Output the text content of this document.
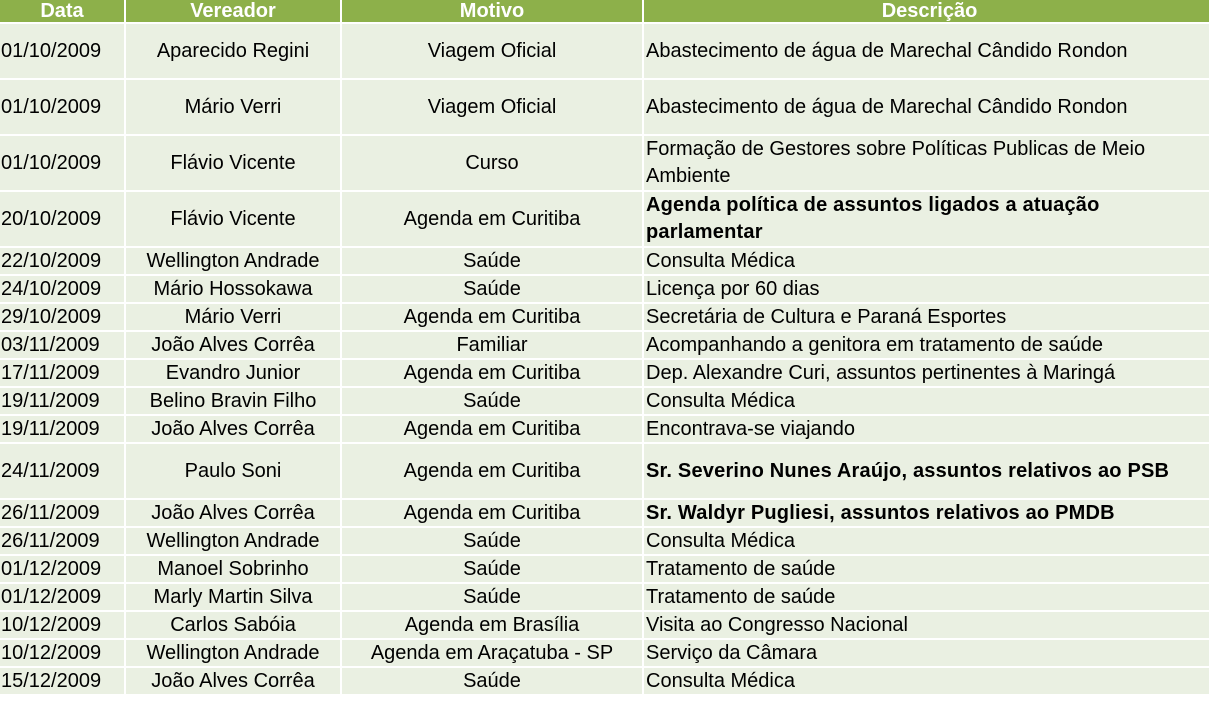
Data	Vereador	Motivo	Descrição
01/10/2009	Aparecido Regini	Viagem Oficial	Abastecimento de água de Marechal Cândido Rondon
01/10/2009	Mário Verri	Viagem Oficial	Abastecimento de água de Marechal Cândido Rondon
01/10/2009	Flávio Vicente	Curso	Formação de Gestores sobre Políticas Publicas de Meio Ambiente
20/10/2009	Flávio Vicente	Agenda em Curitiba	Agenda política de assuntos ligados a atuação parlamentar
22/10/2009	Wellington Andrade	Saúde	Consulta Médica
24/10/2009	Mário Hossokawa	Saúde	Licença por 60 dias
29/10/2009	Mário Verri	Agenda em Curitiba	Secretária de Cultura e Paraná Esportes
03/11/2009	João Alves Corrêa	Familiar	Acompanhando a genitora em tratamento de saúde
17/11/2009	Evandro Junior	Agenda em Curitiba	Dep. Alexandre Curi, assuntos pertinentes à Maringá
19/11/2009	Belino Bravin Filho	Saúde	Consulta Médica
19/11/2009	João Alves Corrêa	Agenda em Curitiba	Encontrava-se viajando
24/11/2009	Paulo Soni	Agenda em Curitiba	Sr. Severino Nunes Araújo, assuntos relativos ao PSB
26/11/2009	João Alves Corrêa	Agenda em Curitiba	Sr. Waldyr Pugliesi, assuntos relativos ao PMDB
26/11/2009	Wellington Andrade	Saúde	Consulta Médica
01/12/2009	Manoel Sobrinho	Saúde	Tratamento de saúde
01/12/2009	Marly Martin Silva	Saúde	Tratamento de saúde
10/12/2009	Carlos Sabóia	Agenda em Brasília	Visita ao Congresso Nacional
10/12/2009	Wellington Andrade	Agenda em Araçatuba - SP	Serviço da Câmara
15/12/2009	João Alves Corrêa	Saúde	Consulta Médica
